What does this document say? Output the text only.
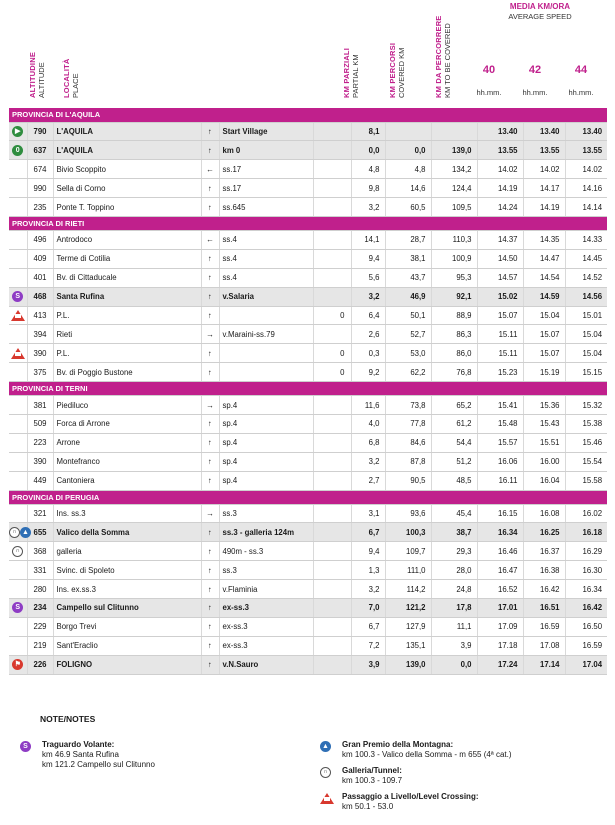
ALTITUDINE ALTITUDE LOCALITÀ PLACE	KM PARZIALI PARTIAL KM	KM PERCORSI COVERED KM	KM DA PERCORRERE KM TO BE COVERED
MEDIA KM/ORA
AVERAGE SPEED
40	42	44
hh.mm.	hh.mm.	hh.mm.
PROVINCIA DI L'AQUILA											
▶	790	L'AQUILA	↑	Start Village		8,1			13.40	13.40	13.40
0	637	L'AQUILA	↑	km 0		0,0	0,0	139,0	13.55	13.55	13.55
	674	Bivio Scoppito	←	ss.17		4,8	4,8	134,2	14.02	14.02	14.02
	990	Sella di Corno	↑	ss.17		9,8	14,6	124,4	14.19	14.17	14.16
	235	Ponte T. Toppino	↑	ss.645		3,2	60,5	109,5	14.24	14.19	14.14
PROVINCIA DI RIETI											
	496	Antrodoco	←	ss.4		14,1	28,7	110,3	14.37	14.35	14.33
	409	Terme di Cotilia	↑	ss.4		9,4	38,1	100,9	14.50	14.47	14.45
	401	Bv. di Cittaducale	↑	ss.4		5,6	43,7	95,3	14.57	14.54	14.52
S	468	Santa Rufina	↑	v.Salaria		3,2	46,9	92,1	15.02	14.59	14.56
	413	P.L.	↑		0	6,4	50,1	88,9	15.07	15.04	15.01
	394	Rieti	→	v.Maraini-ss.79		2,6	52,7	86,3	15.11	15.07	15.04
	390	P.L.	↑		0	0,3	53,0	86,0	15.11	15.07	15.04
	375	Bv. di Poggio Bustone	↑		0	9,2	62,2	76,8	15.23	15.19	15.15
PROVINCIA DI TERNI											
	381	Piediluco	→	sp.4		11,6	73,8	65,2	15.41	15.36	15.32
	509	Forca di Arrone	↑	sp.4		4,0	77,8	61,2	15.48	15.43	15.38
	223	Arrone	↑	sp.4		6,8	84,6	54,4	15.57	15.51	15.46
	390	Montefranco	↑	sp.4		3,2	87,8	51,2	16.06	16.00	15.54
	449	Cantoniera	↑	sp.4		2,7	90,5	48,5	16.11	16.04	15.58
PROVINCIA DI PERUGIA											
	321	Ins. ss.3	→	ss.3		3,1	93,6	45,4	16.15	16.08	16.02
∩ ▲	655	Valico della Somma	↑	ss.3 - galleria 124m		6,7	100,3	38,7	16.34	16.25	16.18
∩	368	galleria	↑	490m - ss.3		9,4	109,7	29,3	16.46	16.37	16.29
	331	Svinc. di Spoleto	↑	ss.3		1,3	111,0	28,0	16.47	16.38	16.30
	280	Ins. ex.ss.3	↑	v.Flaminia		3,2	114,2	24,8	16.52	16.42	16.34
S	234	Campello sul Clitunno	↑	ex-ss.3		7,0	121,2	17,8	17.01	16.51	16.42
	229	Borgo Trevi	↑	ex-ss.3		6,7	127,9	11,1	17.09	16.59	16.50
	219	Sant'Eraclio	↑	ex-ss.3		7,2	135,1	3,9	17.18	17.08	16.59
⚑	226	FOLIGNO	↑	v.N.Sauro		3,9	139,0	0,0	17.24	17.14	17.04
NOTE/NOTES
S	Traguardo Volante:
km 46.9 Santa Rufina
km 121.2 Campello sul Clitunno
▲ Gran Premio della Montagna:
km 100.3 - Valico della Somma - m 655 (4ª cat.)
∩	Galleria/Tunnel:
km 100.3 - 109.7
Passaggio a Livello/Level Crossing:
km 50.1 - 53.0
